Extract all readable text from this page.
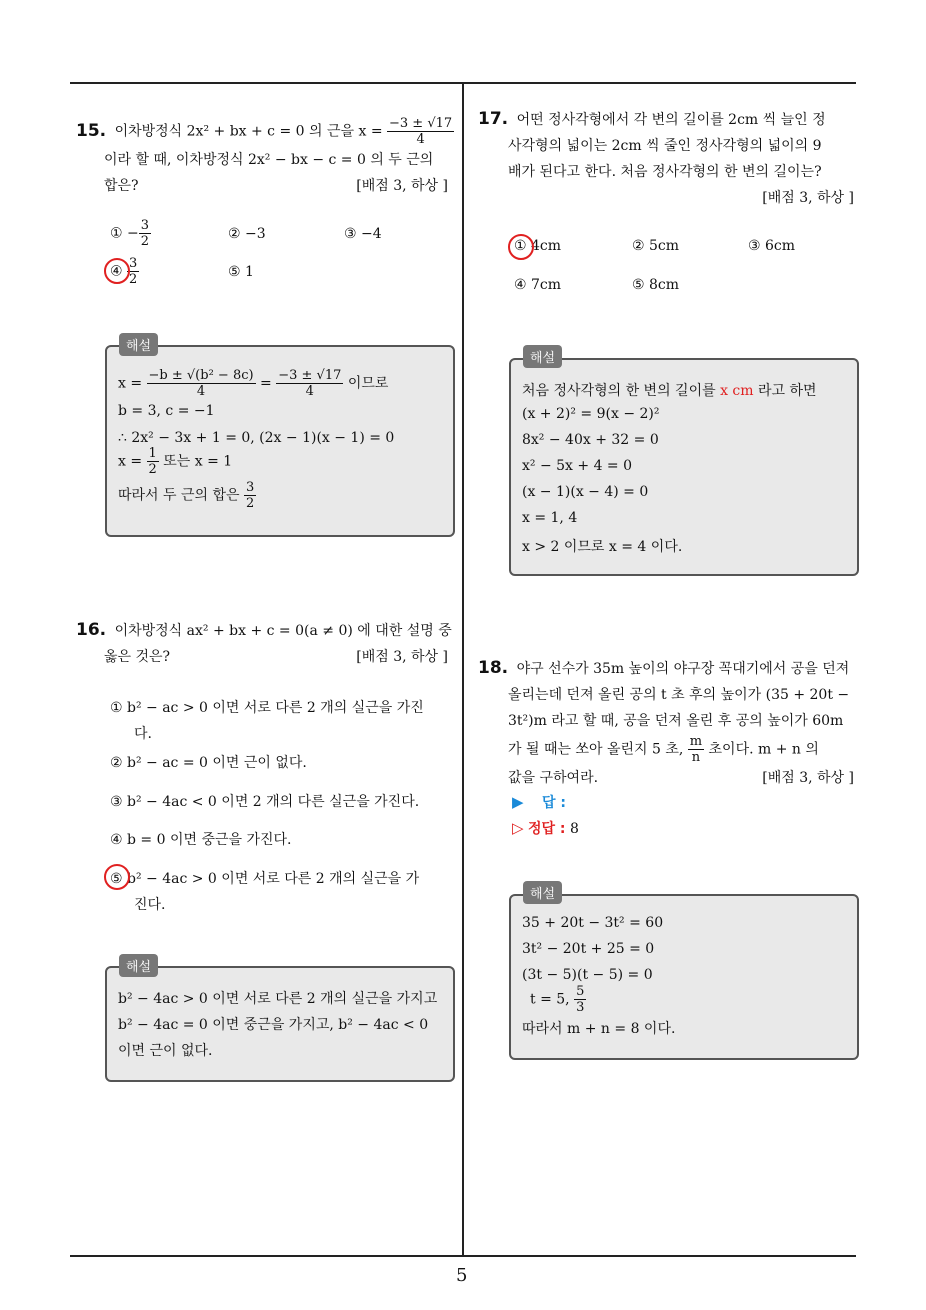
5
15. 이차방정식 2x² + bx + c = 0 의 근을 $x = \frac{-3 \pm √17}{4}$
이라 할 때, 이차방정식 2x² − bx − c = 0 의 두 근의
합은?	[배점 3, 하상 ]
① − $\frac{3}{2}$	② −3	③ −4
④ $\frac{3}{2}$	⑤ 1
해설
$x = \frac{\text{−b ± √(b² − 8c)}}{4} = \frac{-3 \pm √17}{4}$ 이므로
b = 3, c = −1
∴ 2x² − 3x + 1 = 0, (2x − 1)(x − 1) = 0
$x = \frac{1}{2}$ 또는 x = 1
따라서 두 근의 합은 $\frac{3}{2}$
16. 이차방정식 ax² + bx + c = 0(a ≠ 0) 에 대한 설명 중
옳은 것은?	[배점 3, 하상 ]
① b² − ac > 0 이면 서로 다른 2 개의 실근을 가진
다.
② b² − ac = 0 이면 근이 없다.
③ b² − 4ac < 0 이면 2 개의 다른 실근을 가진다.
④ b = 0 이면 중근을 가진다.
⑤ b² − 4ac > 0 이면 서로 다른 2 개의 실근을 가
진다.
해설
b² − 4ac > 0 이면 서로 다른 2 개의 실근을 가지고
b² − 4ac = 0 이면 중근을 가지고, b² − 4ac < 0
이면 근이 없다.
17. 어떤 정사각형에서 각 변의 길이를 2cm 씩 늘인 정
사각형의 넓이는 2cm 씩 줄인 정사각형의 넓이의 9
배가 된다고 한다. 처음 정사각형의 한 변의 길이는?
[배점 3, 하상 ]
① 4cm	② 5cm	③ 6cm
④ 7cm	⑤ 8cm
해설
처음 정사각형의 한 변의 길이를 x cm 라고 하면
(x + 2)² = 9(x − 2)²
8x² − 40x + 32 = 0
x² − 5x + 4 = 0
(x − 1)(x − 4) = 0
x = 1, 4
x > 2 이므로 x = 4 이다.
18. 야구 선수가 35m 높이의 야구장 꼭대기에서 공을 던져
올리는데 던져 올린 공의 t 초 후의 높이가 (35 + 20t −
3t²)m 라고 할 때, 공을 던져 올린 후 공의 높이가 60m
가 될 때는 쏘아 올린지 5 초, $\frac{m}{n}$ 초이다. m + n 의
값을 구하여라.	[배점 3, 하상 ]
▶ 답 :
▷ 정답 : 8
해설
35 + 20t − 3t² = 60
3t² − 20t + 25 = 0
(3t − 5)(t − 5) = 0
t = 5, $\frac{5}{3}$
따라서 m + n = 8 이다.
